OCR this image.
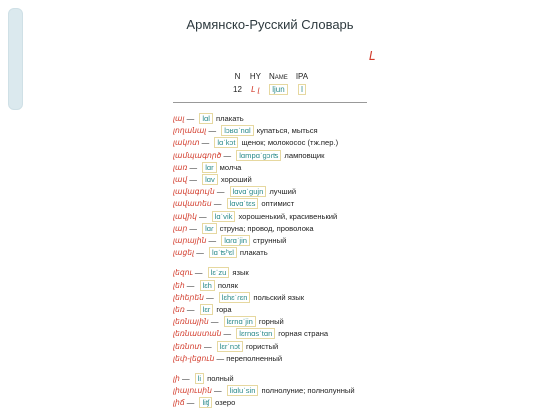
Армянско-Русский Словарь
Լ
N	HY	Name	IPA
12	Լ լ	ljun	l
լալ — lɑl плакать
լողանալ — lɔʁɑˈnɑl купаться, мыться
լակոտ — lɑˈkɔt щенок; молокосос (тж.пер.)
լամպագործ — lɑmpɑˈgɔɾʦ ламповщик
լառ — lɑr молча
լավ — lɑv хороший
լավագույն — lɑvɑˈgujn лучший
լավատես — lɑvɑˈtɛs оптимист
լավիկ — lɑˈvik хорошенький, красивенький
լար — lɑɾ струна; провод, проволока
լարային — lɑɾɑˈjin струнный
լացել — lɑˈʦʰɛl плакать
լեզու — lɛˈzu язык
լեհ — lɛh поляк
լեհերեն — lɛhɛˈɾɛn польский язык
լեռ — lɛr гора
լեռնային — lɛrnɑˈjin горный
լեռնաստան — lɛrnɑsˈtɑn горная страна
լեռնոտ — lɛrˈnɔt гористый
լեփ-լեցուն — переполненный
լի — li полный
լիալուսին — liɑluˈsin полнолуние; полнолунный
լիճ — liʧ озеро
